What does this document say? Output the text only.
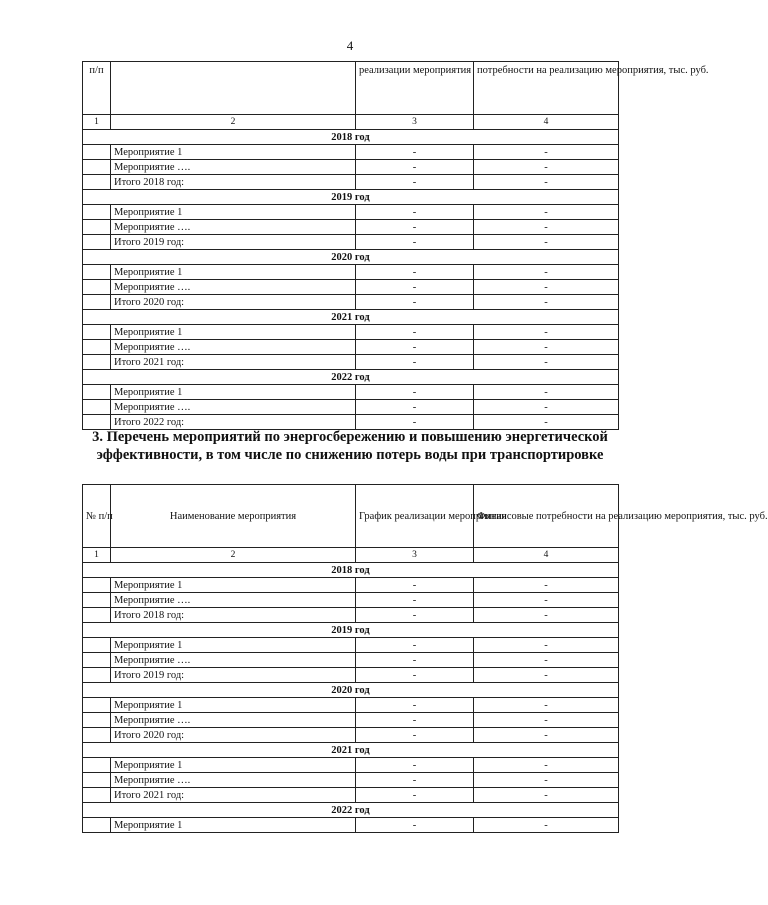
4
п/п		реализации мероприятия	потребности на реализацию мероприятия, тыс. руб.
1	2	3	4
2018 год			
	Мероприятие 1	-	-
	Мероприятие ….	-	-
	Итого 2018 год:	-	-
2019 год			
	Мероприятие 1	-	-
	Мероприятие ….	-	-
	Итого 2019 год:	-	-
2020 год			
	Мероприятие 1	-	-
	Мероприятие ….	-	-
	Итого 2020 год:	-	-
2021 год			
	Мероприятие 1	-	-
	Мероприятие ….	-	-
	Итого 2021 год:	-	-
2022 год			
	Мероприятие 1	-	-
	Мероприятие ….	-	-
	Итого 2022 год:	-	-
3. Перечень мероприятий по энергосбережению и повышению энергетической эффективности, в том числе по снижению потерь воды при транспортировке
№ п/п	Наименование мероприятия	График реализации мероприятия	Финансовые потребности на реализацию мероприятия, тыс. руб.
1	2	3	4
2018 год			
	Мероприятие 1	-	-
	Мероприятие ….	-	-
	Итого 2018 год:	-	-
2019 год			
	Мероприятие 1	-	-
	Мероприятие ….	-	-
	Итого 2019 год:	-	-
2020 год			
	Мероприятие 1	-	-
	Мероприятие ….	-	-
	Итого 2020 год:	-	-
2021 год			
	Мероприятие 1	-	-
	Мероприятие ….	-	-
	Итого 2021 год:	-	-
2022 год			
	Мероприятие 1	-	-
